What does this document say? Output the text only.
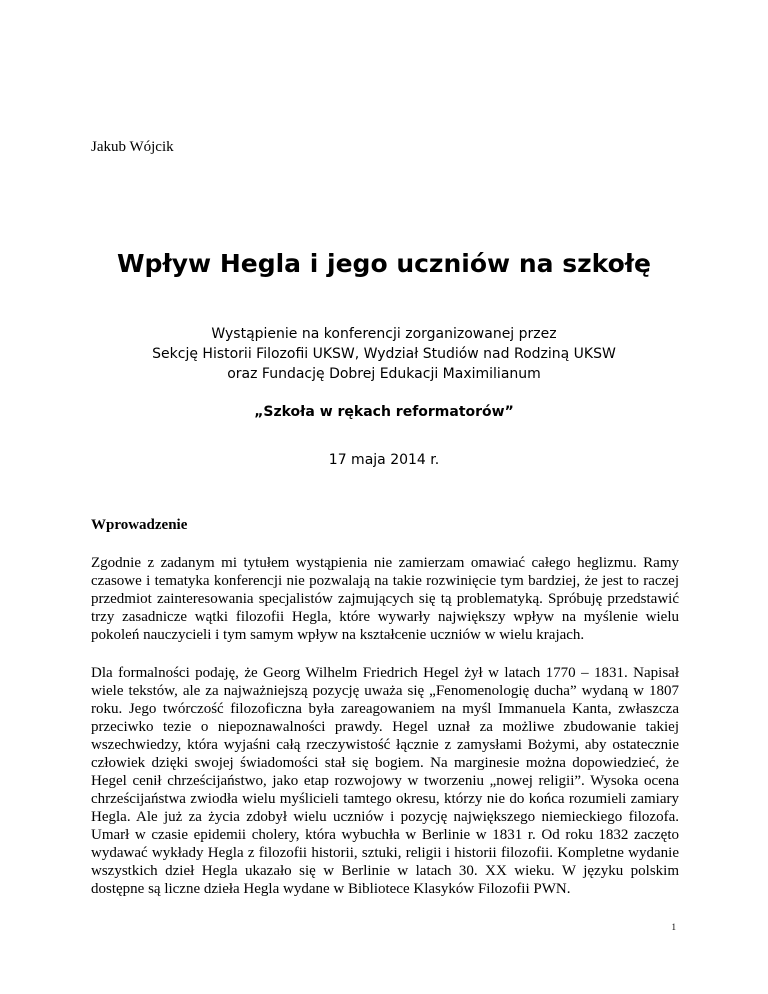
Jakub Wójcik
Wpływ Hegla i jego uczniów na szkołę
Wystąpienie na konferencji zorganizowanej przez
Sekcję Historii Filozofii UKSW, Wydział Studiów nad Rodziną UKSW
oraz Fundację Dobrej Edukacji Maximilianum
„Szkoła w rękach reformatorów”
17 maja 2014 r.
Wprowadzenie

Zgodnie z zadanym mi tytułem wystąpienia nie zamierzam omawiać całego heglizmu. Ramy czasowe i tematyka konferencji nie pozwalają na takie rozwinięcie tym bardziej, że jest to raczej przedmiot zainteresowania specjalistów zajmujących się tą problematyką. Spróbuję przedstawić trzy zasadnicze wątki filozofii Hegla, które wywarły największy wpływ na myślenie wielu pokoleń nauczycieli i tym samym wpływ na kształcenie uczniów w wielu krajach.

Dla formalności podaję, że Georg Wilhelm Friedrich Hegel żył w latach 1770 – 1831. Napisał wiele tekstów, ale za najważniejszą pozycję uważa się „Fenomenologię ducha” wydaną w 1807 roku. Jego twórczość filozoficzna była zareagowaniem na myśl Immanuela Kanta, zwłaszcza przeciwko tezie o niepoznawalności prawdy. Hegel uznał za możliwe zbudowanie takiej wszechwiedzy, która wyjaśni całą rzeczywistość łącznie z zamysłami Bożymi, aby ostatecznie człowiek dzięki swojej świadomości stał się bogiem. Na marginesie można dopowiedzieć, że Hegel cenił chrześcijaństwo, jako etap rozwojowy w tworzeniu „nowej religii”. Wysoka ocena chrześcijaństwa zwiodła wielu myślicieli tamtego okresu, którzy nie do końca rozumieli zamiary Hegla. Ale już za życia zdobył wielu uczniów i pozycję największego niemieckiego filozofa. Umarł w czasie epidemii cholery, która wybuchła w Berlinie w 1831 r. Od roku 1832 zaczęto wydawać wykłady Hegla z filozofii historii, sztuki, religii i historii filozofii. Kompletne wydanie wszystkich dzieł Hegla ukazało się w Berlinie w latach 30. XX wieku. W języku polskim dostępne są liczne dzieła Hegla wydane w Bibliotece Klasyków Filozofii PWN.

1
